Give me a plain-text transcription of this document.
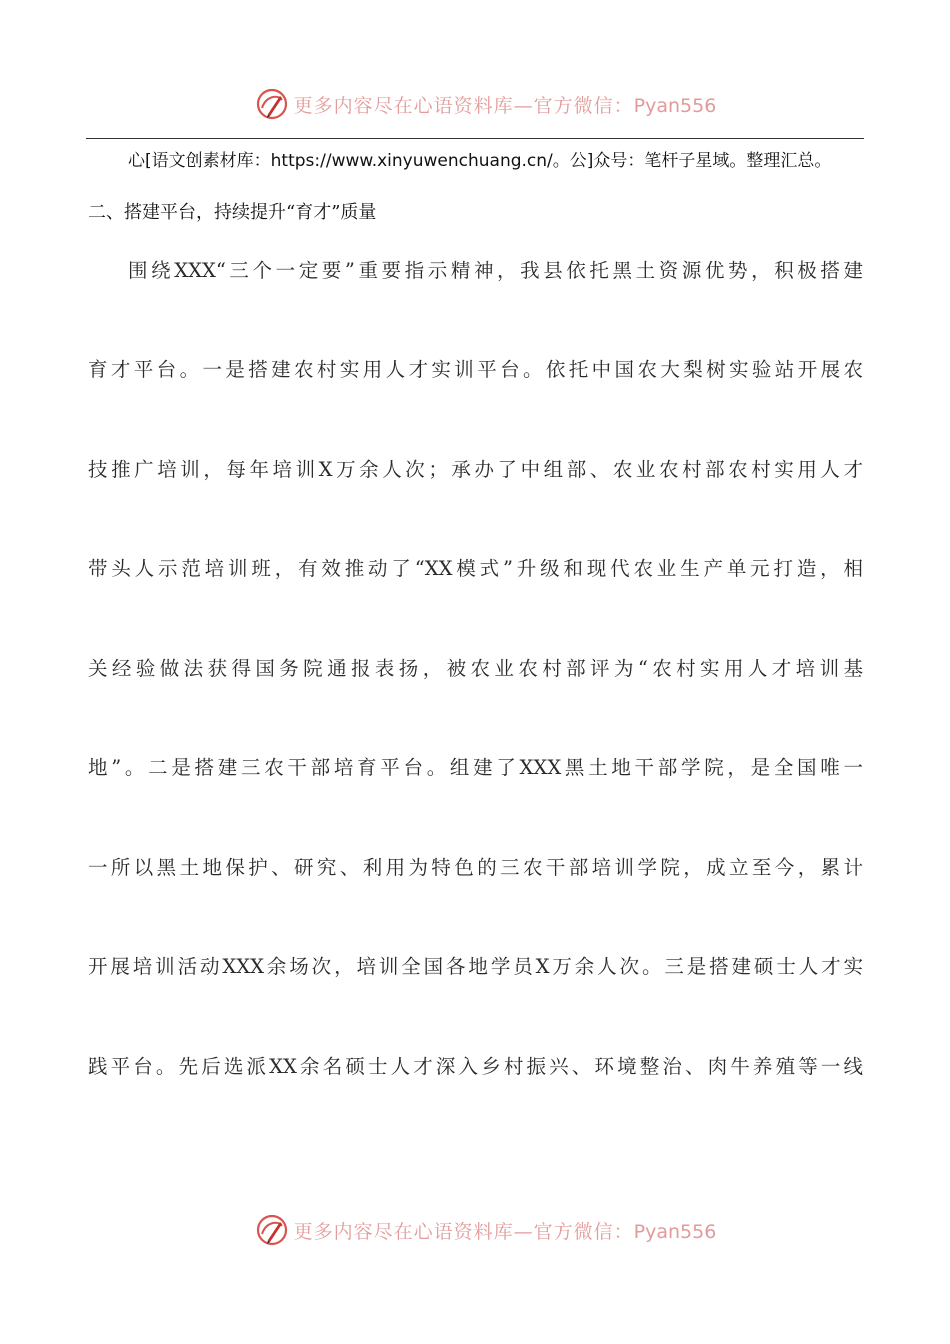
更多内容尽在心语资料库—官方微信：Pyan556
心[语文创素材库：https://www.xinyuwenchuang.cn/。公]众号：笔杆子星域。整理汇总。
二、搭建平台，持续提升“育才”质量
围绕XXX“三个一定要”重要指示精神，我县依托黑土资源优势，积极搭建
育才平台。一是搭建农村实用人才实训平台。依托中国农大梨树实验站开展农
技推广培训，每年培训X万余人次；承办了中组部、农业农村部农村实用人才
带头人示范培训班，有效推动了“XX模式”升级和现代农业生产单元打造，相
关经验做法获得国务院通报表扬，被农业农村部评为“农村实用人才培训基
地”。二是搭建三农干部培育平台。组建了XXX黑土地干部学院，是全国唯一
一所以黑土地保护、研究、利用为特色的三农干部培训学院，成立至今，累计
开展培训活动XXX余场次，培训全国各地学员X万余人次。三是搭建硕士人才实
践平台。先后选派XX余名硕士人才深入乡村振兴、环境整治、肉牛养殖等一线
更多内容尽在心语资料库—官方微信：Pyan556
